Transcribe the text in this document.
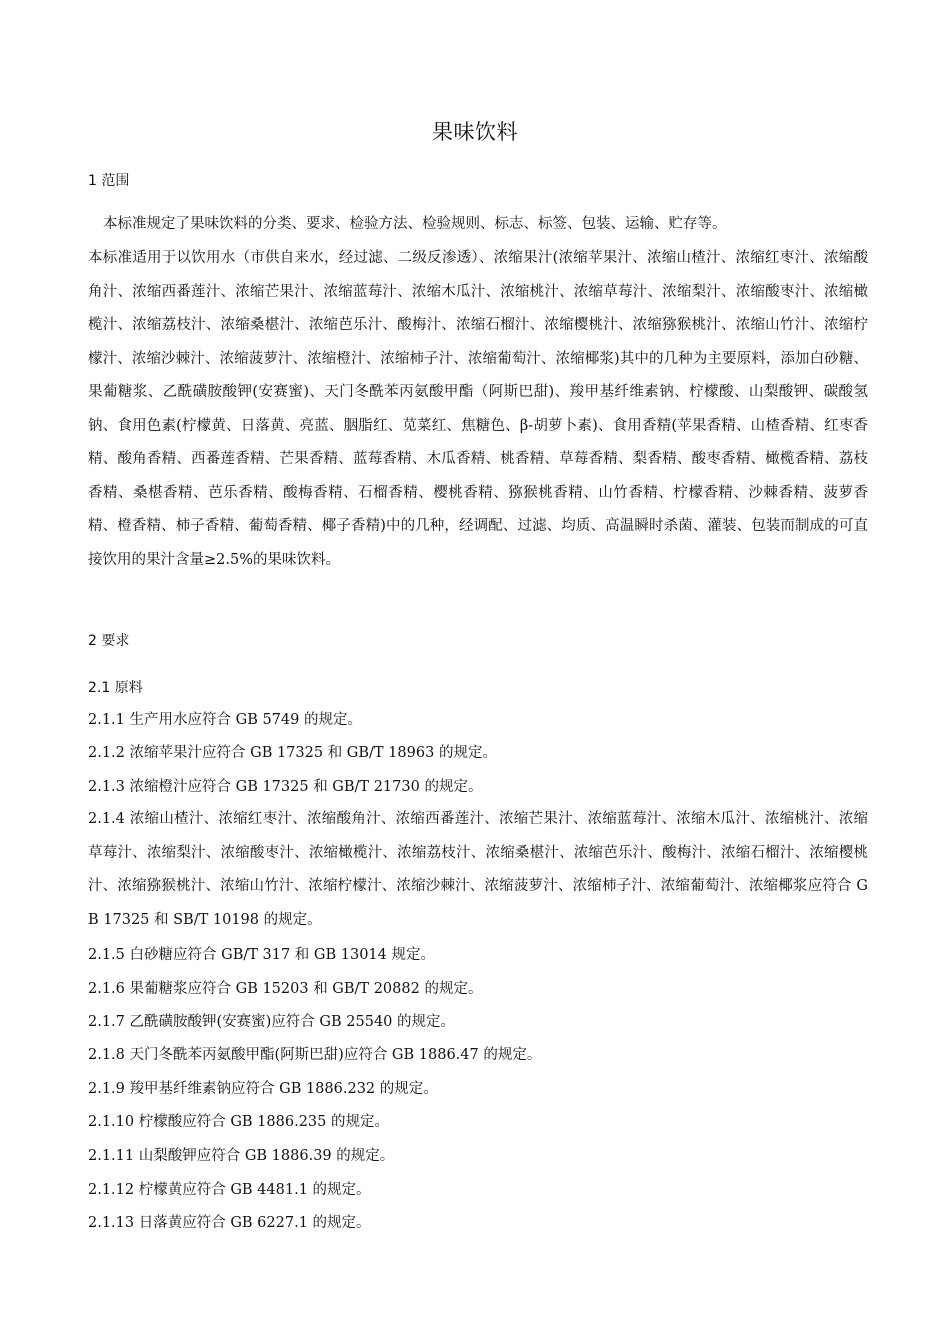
果味饮料
1 范围

本标准规定了果味饮料的分类、要求、检验方法、检验规则、标志、标签、包装、运输、贮存等。

本标准适用于以饮用水（市供自来水，经过滤、二级反渗透）、浓缩果汁(浓缩苹果汁、浓缩山楂汁、浓缩红枣汁、浓缩酸角汁、浓缩西番莲汁、浓缩芒果汁、浓缩蓝莓汁、浓缩木瓜汁、浓缩桃汁、浓缩草莓汁、浓缩梨汁、浓缩酸枣汁、浓缩橄榄汁、浓缩荔枝汁、浓缩桑椹汁、浓缩芭乐汁、酸梅汁、浓缩石榴汁、浓缩樱桃汁、浓缩猕猴桃汁、浓缩山竹汁、浓缩柠檬汁、浓缩沙棘汁、浓缩菠萝汁、浓缩橙汁、浓缩柿子汁、浓缩葡萄汁、浓缩椰浆)其中的几种为主要原料，添加白砂糖、果葡糖浆、乙酰磺胺酸钾(安赛蜜)、天门冬酰苯丙氨酸甲酯（阿斯巴甜)、羧甲基纤维素钠、柠檬酸、山梨酸钾、碳酸氢钠、食用色素(柠檬黄、日落黄、亮蓝、胭脂红、苋菜红、焦糖色、β-胡萝卜素)、食用香精(苹果香精、山楂香精、红枣香精、酸角香精、西番莲香精、芒果香精、蓝莓香精、木瓜香精、桃香精、草莓香精、梨香精、酸枣香精、橄榄香精、荔枝香精、桑椹香精、芭乐香精、酸梅香精、石榴香精、樱桃香精、猕猴桃香精、山竹香精、柠檬香精、沙棘香精、菠萝香精、橙香精、柿子香精、葡萄香精、椰子香精)中的几种，经调配、过滤、均质、高温瞬时杀菌、灌装、包装而制成的可直接饮用的果汁含量≥2.5%的果味饮料。

2 要求
2.1 原料
2.1.1 生产用水应符合 GB 5749 的规定。
2.1.2 浓缩苹果汁应符合 GB 17325 和 GB/T 18963 的规定。
2.1.3 浓缩橙汁应符合 GB 17325 和 GB/T 21730 的规定。

2.1.4 浓缩山楂汁、浓缩红枣汁、浓缩酸角汁、浓缩西番莲汁、浓缩芒果汁、浓缩蓝莓汁、浓缩木瓜汁、浓缩桃汁、浓缩草莓汁、浓缩梨汁、浓缩酸枣汁、浓缩橄榄汁、浓缩荔枝汁、浓缩桑椹汁、浓缩芭乐汁、酸梅汁、浓缩石榴汁、浓缩樱桃汁、浓缩猕猴桃汁、浓缩山竹汁、浓缩柠檬汁、浓缩沙棘汁、浓缩菠萝汁、浓缩柿子汁、浓缩葡萄汁、浓缩椰浆应符合 GB 17325 和 SB/T 10198 的规定。

2.1.5 白砂糖应符合 GB/T 317 和 GB 13014 规定。
2.1.6 果葡糖浆应符合 GB 15203 和 GB/T 20882 的规定。
2.1.7 乙酰磺胺酸钾(安赛蜜)应符合 GB 25540 的规定。
2.1.8 天门冬酰苯丙氨酸甲酯(阿斯巴甜)应符合 GB 1886.47 的规定。
2.1.9 羧甲基纤维素钠应符合 GB 1886.232 的规定。
2.1.10 柠檬酸应符合 GB 1886.235 的规定。
2.1.11 山梨酸钾应符合 GB 1886.39 的规定。
2.1.12 柠檬黄应符合 GB 4481.1 的规定。
2.1.13 日落黄应符合 GB 6227.1 的规定。
